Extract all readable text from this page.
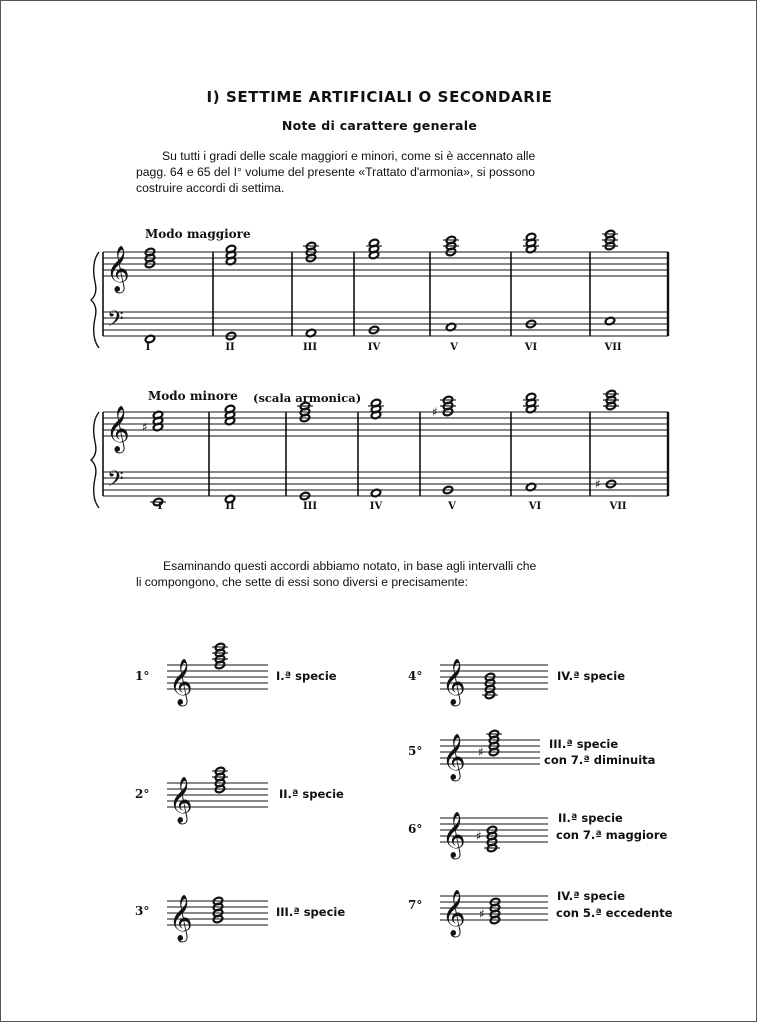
I) SETTIME ARTIFICIALI O SECONDARIE
Note di carattere generale
Su tutti i gradi delle scale maggiori e minori, come si è accennato alle
pagg. 64 e 65 del I° volume del presente «Trattato d'armonia», si possono
costruire accordi di settima.
Modo maggiore
Modo minore (scala armonica)
I	II	III	IV	V	VI	VII
I	II	III	IV	V	VI	VII
Esaminando questi accordi abbiamo notato, in base agli intervalli che
li compongono, che sette di essi sono diversi e precisamente:
1°
2°
3°
4°
5°
6°
7°
I.ª specie
II.ª specie
III.ª specie
IV.ª specie
III.ª specie
con 7.ª diminuita
II.ª specie
con 7.ª maggiore
IV.ª specie
con 5.ª eccedente
𝄞
𝄢
𝄞
𝄢
♯
♯
♯
𝄞
𝄞
𝄞
𝄞
𝄞 ♯
𝄞 ♯
𝄞 ♯
